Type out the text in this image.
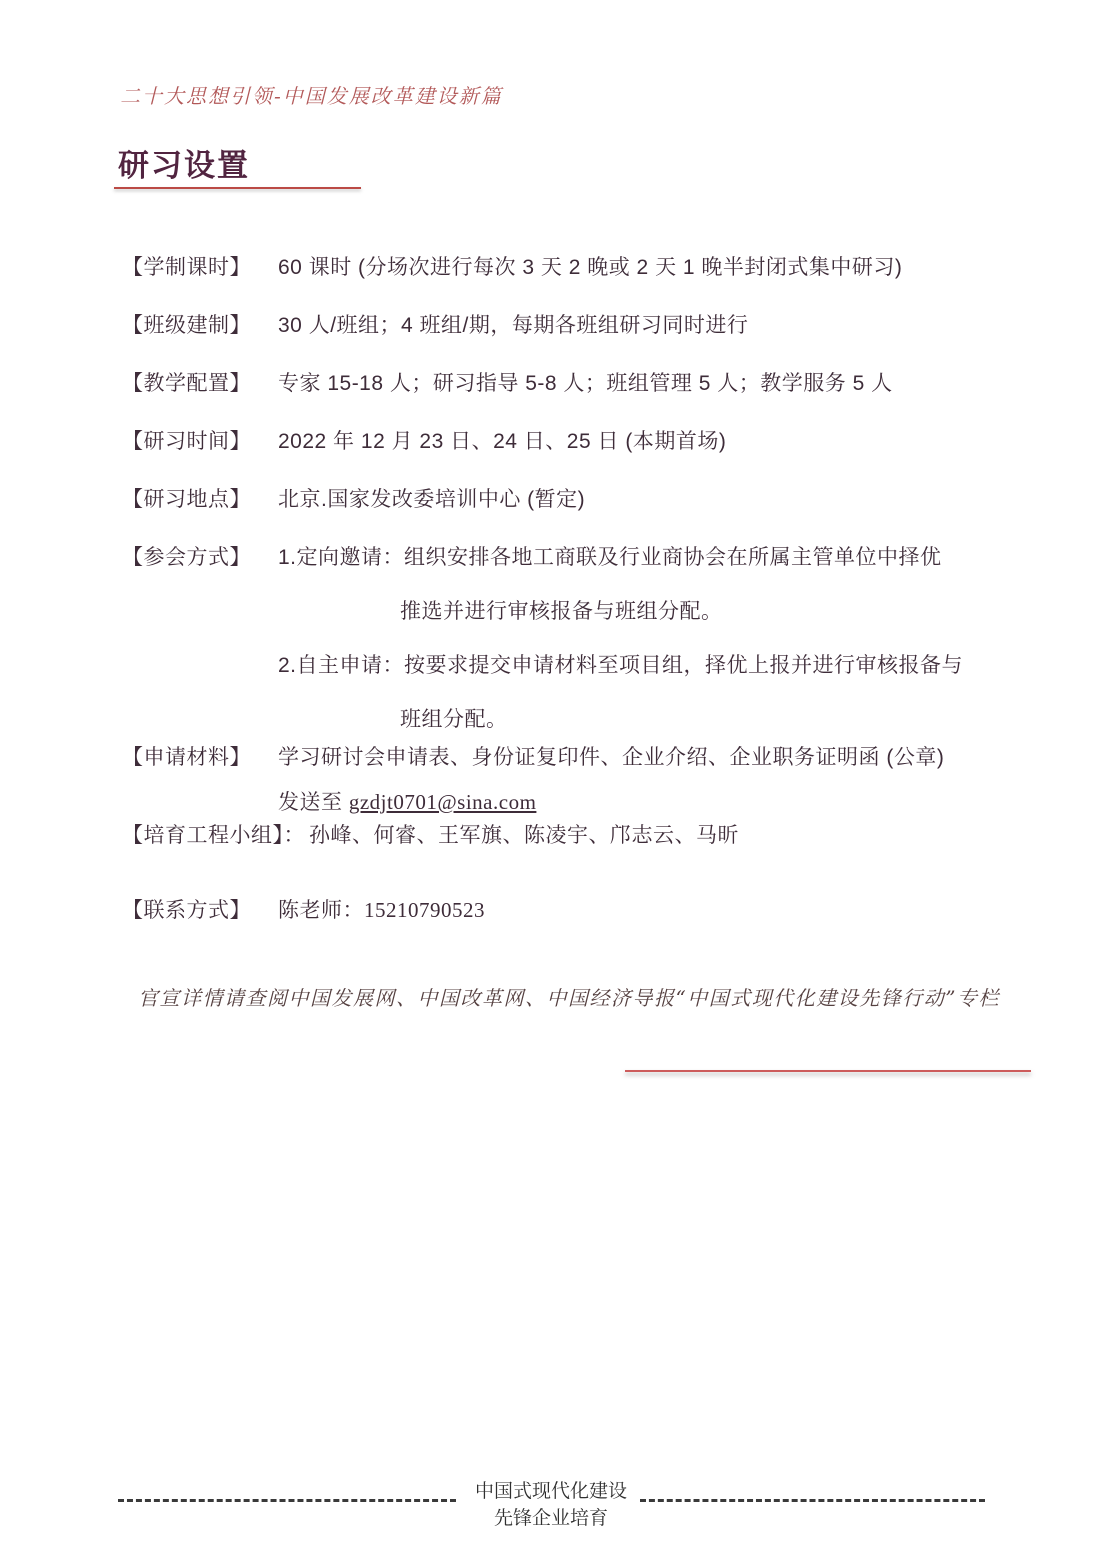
二十大思想引领-中国发展改革建设新篇
研习设置
【学制课时】 60 课时 (分场次进行每次 3 天 2 晚或 2 天 1 晚半封闭式集中研习)
【班级建制】 30 人/班组；4 班组/期，每期各班组研习同时进行
【教学配置】 专家 15-18 人；研习指导 5-8 人；班组管理 5 人；教学服务 5 人
【研习时间】 2022 年 12 月 23 日、24 日、25 日 (本期首场)
【研习地点】 北京.国家发改委培训中心 (暂定)
【参会方式】 1.定向邀请：组织安排各地工商联及行业商协会在所属主管单位中择优
推选并进行审核报备与班组分配。
2.自主申请：按要求提交申请材料至项目组，择优上报并进行审核报备与
班组分配。
【申请材料】 学习研讨会申请表、身份证复印件、企业介绍、企业职务证明函 (公章)
发送至 gzdjt0701@sina.com
【培育工程小组】： 孙峰、何睿、王军旗、陈凌宇、邝志云、马昕
【联系方式】 陈老师：15210790523
官宣详情请查阅中国发展网、中国改革网、中国经济导报“中国式现代化建设先锋行动”专栏
中国式现代化建设
先锋企业培育
